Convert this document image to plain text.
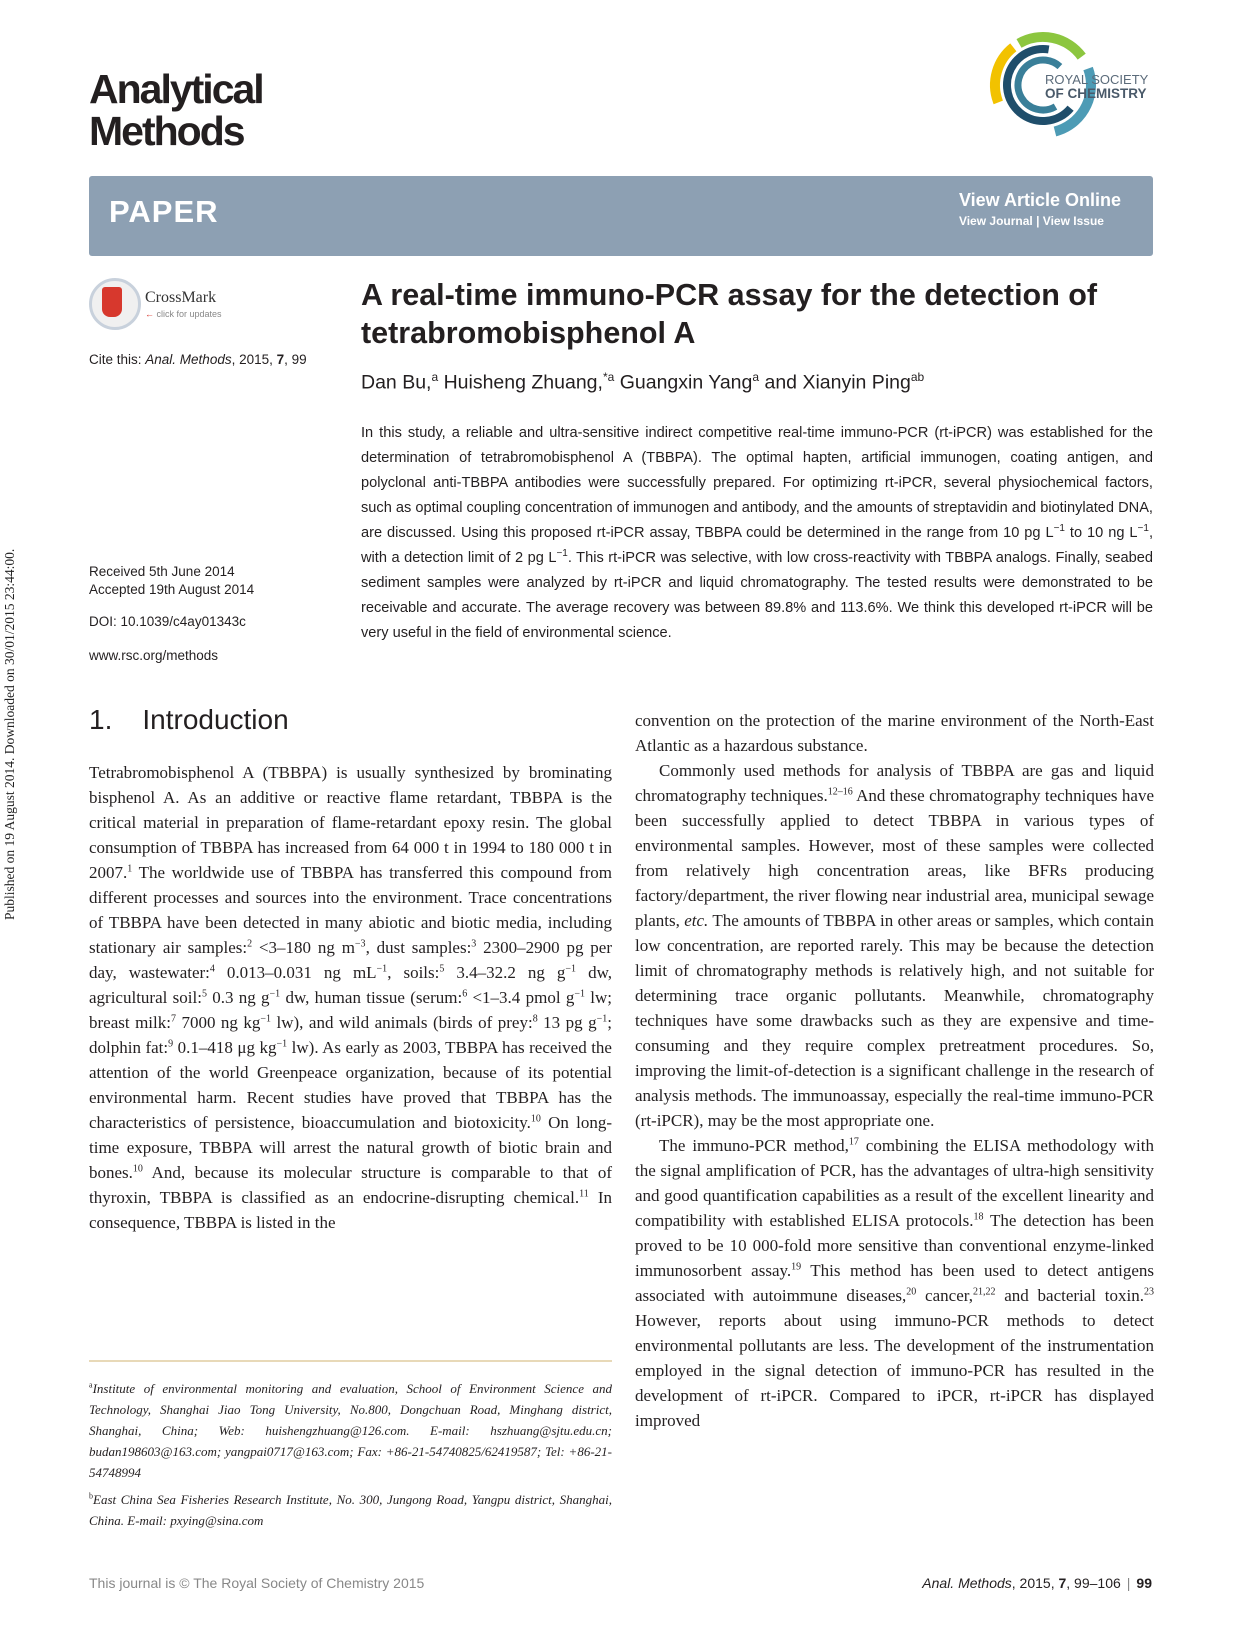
Published on 19 August 2014. Downloaded on 30/01/2015 23:44:00.
Analytical
Methods
ROYAL SOCIETY
OF CHEMISTRY
PAPER	View Article Online
View Journal | View Issue
CrossMark
← click for updates
Cite this: Anal. Methods, 2015, 7, 99
Received 5th June 2014
Accepted 19th August 2014
DOI: 10.1039/c4ay01343c
www.rsc.org/methods
A real-time immuno-PCR assay for the detection of tetrabromobisphenol A
Dan Bu,$^a$ Huisheng Zhuang,$^{*a}$ Guangxin Yang$^a$ and Xianyin Ping$^{ab}$
In this study, a reliable and ultra-sensitive indirect competitive real-time immuno-PCR (rt-iPCR) was established for the determination of tetrabromobisphenol A (TBBPA). The optimal hapten, artificial immunogen, coating antigen, and polyclonal anti-TBBPA antibodies were successfully prepared. For optimizing rt-iPCR, several physiochemical factors, such as optimal coupling concentration of immunogen and antibody, and the amounts of streptavidin and biotinylated DNA, are discussed. Using this proposed rt-iPCR assay, TBBPA could be determined in the range from 10 pg $L^{-1}$ to 10 ng $L^{-1}$, with a detection limit of 2 pg $L^{-1}$. This rt-iPCR was selective, with low cross-reactivity with TBBPA analogs. Finally, seabed sediment samples were analyzed by rt-iPCR and liquid chromatography. The tested results were demonstrated to be receivable and accurate. The average recovery was between 89.8% and 113.6%. We think this developed rt-iPCR will be very useful in the field of environmental science.
1. Introduction

Tetrabromobisphenol A (TBBPA) is usually synthesized by brominating bisphenol A. As an additive or reactive flame retardant, TBBPA is the critical material in preparation of flame-retardant epoxy resin. The global consumption of TBBPA has increased from 64 000 t in 1994 to 180 000 t in 2007.$^1$ The worldwide use of TBBPA has transferred this compound from different processes and sources into the environment. Trace concentrations of TBBPA have been detected in many abiotic and biotic media, including stationary air samples:$^2$ <3–180 ng $m^{-3}$, dust samples:$^3$ 2300–2900 pg per day, wastewater:$^4$ 0.013–0.031 ng $mL^{-1}$, soils:$^5$ 3.4–32.2 ng $g^{-1}$ dw, agricultural soil:$^5$ 0.3 ng $g^{-1}$ dw, human tissue (serum:$^6$ <1–3.4 pmol $g^{-1}$ lw; breast milk:$^7$ 7000 ng $kg^{-1}$ lw), and wild animals (birds of prey:$^8$ 13 pg $g^{-1}$; dolphin fat:$^9$ 0.1–418 μg $kg^{-1}$ lw). As early as 2003, TBBPA has received the attention of the world Greenpeace organization, because of its potential environmental harm. Recent studies have proved that TBBPA has the characteristics of persistence, bioaccumulation and biotoxicity.$^{10}$ On long-time exposure, TBBPA will arrest the natural growth of biotic brain and bones.$^{10}$ And, because its molecular structure is comparable to that of thyroxin, TBBPA is classified as an endocrine-disrupting chemical.$^{11}$ In consequence, TBBPA is listed in the

convention on the protection of the marine environment of the North-East Atlantic as a hazardous substance.

Commonly used methods for analysis of TBBPA are gas and liquid chromatography techniques.$^{12-16}$ And these chromatography techniques have been successfully applied to detect TBBPA in various types of environmental samples. However, most of these samples were collected from relatively high concentration areas, like BFRs producing factory/department, the river flowing near industrial area, municipal sewage plants, etc. The amounts of TBBPA in other areas or samples, which contain low concentration, are reported rarely. This may be because the detection limit of chromatography methods is relatively high, and not suitable for determining trace organic pollutants. Meanwhile, chromatography techniques have some drawbacks such as they are expensive and time-consuming and they require complex pretreatment procedures. So, improving the limit-of-detection is a significant challenge in the research of analysis methods. The immunoassay, especially the real-time immuno-PCR (rt-iPCR), may be the most appropriate one.

The immuno-PCR method,$^{17}$ combining the ELISA methodology with the signal amplification of PCR, has the advantages of ultra-high sensitivity and good quantification capabilities as a result of the excellent linearity and compatibility with established ELISA protocols.$^{18}$ The detection has been proved to be 10 000-fold more sensitive than conventional enzyme-linked immunosorbent assay.$^{19}$ This method has been used to detect antigens associated with autoimmune diseases,$^{20}$ cancer,$^{21,22}$ and bacterial toxin.$^{23}$ However, reports about using immuno-PCR methods to detect environmental pollutants are less. The development of the instrumentation employed in the signal detection of immuno-PCR has resulted in the development of rt-iPCR. Compared to iPCR, rt-iPCR has displayed improved

$^a$Institute of environmental monitoring and evaluation, School of Environment Science and Technology, Shanghai Jiao Tong University, No.800, Dongchuan Road, Minghang district, Shanghai, China; Web: huishengzhuang@126.com. E-mail: hszhuang@sjtu.edu.cn; budan198603@163.com; yangpai0717@163.com; Fax: +86-21-54740825/62419587; Tel: +86-21-54748994

$^b$East China Sea Fisheries Research Institute, No. 300, Jungong Road, Yangpu district, Shanghai, China. E-mail: pxying@sina.com

This journal is © The Royal Society of Chemistry 2015	Anal. Methods, 2015, 7, 99–106 | 99
